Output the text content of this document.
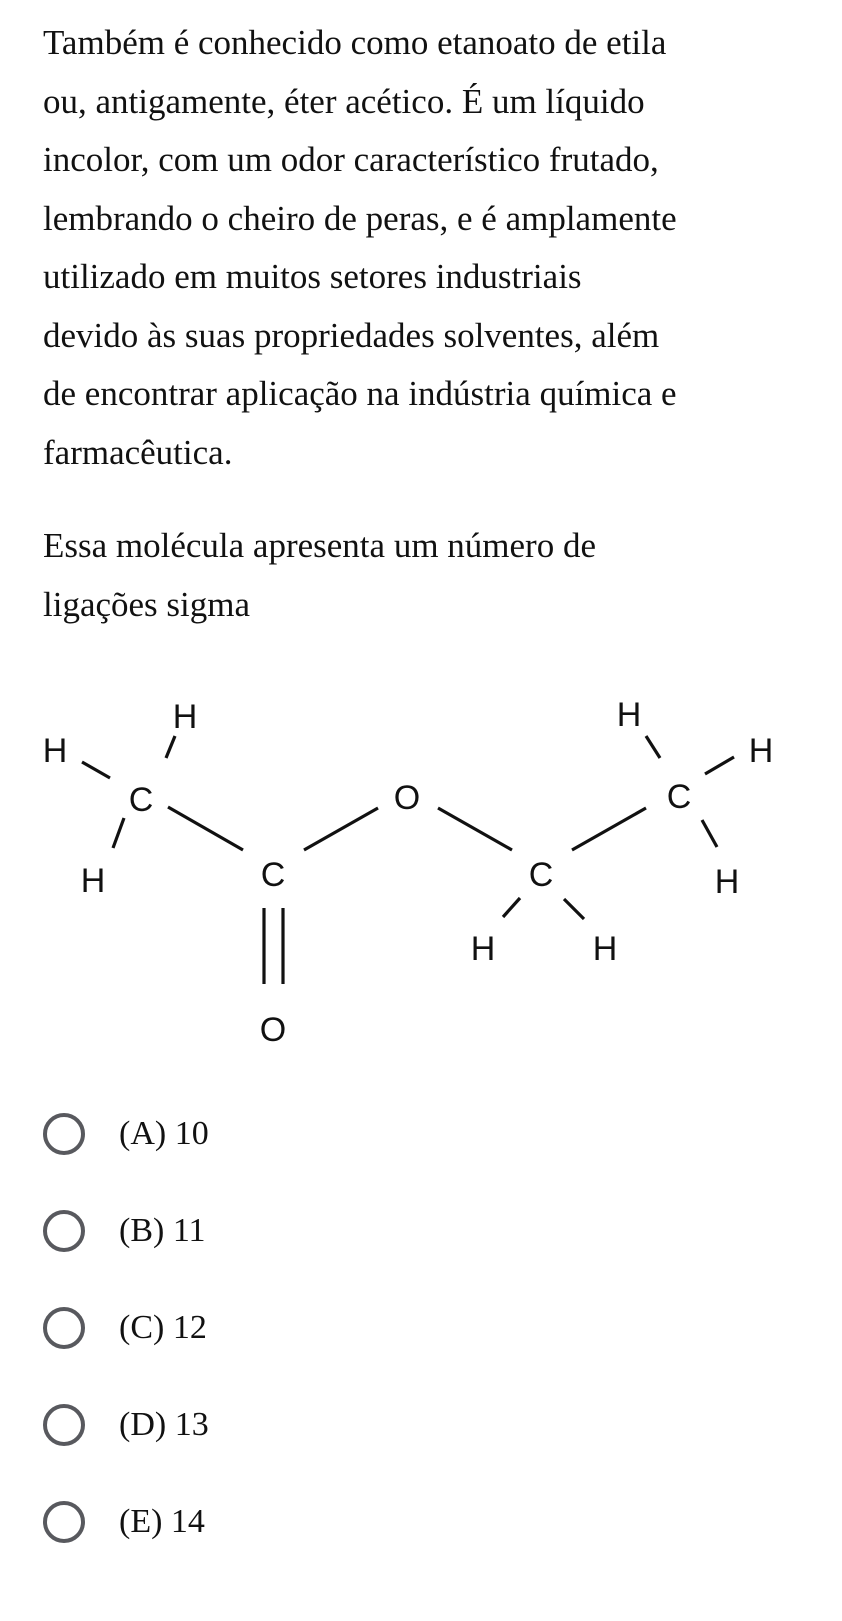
Também é conhecido como etanoato de etila
ou, antigamente, éter acético. É um líquido
incolor, com um odor característico frutado,
lembrando o cheiro de peras, e é amplamente
utilizado em muitos setores industriais
devido às suas propriedades solventes, além
de encontrar aplicação na indústria química e
farmacêutica.
Essa molécula apresenta um número de
ligações sigma
H
H
C
H	C
O
O
C
H	H
C
H
H
H
(A) 10
(B) 11
(C) 12
(D) 13
(E) 14
